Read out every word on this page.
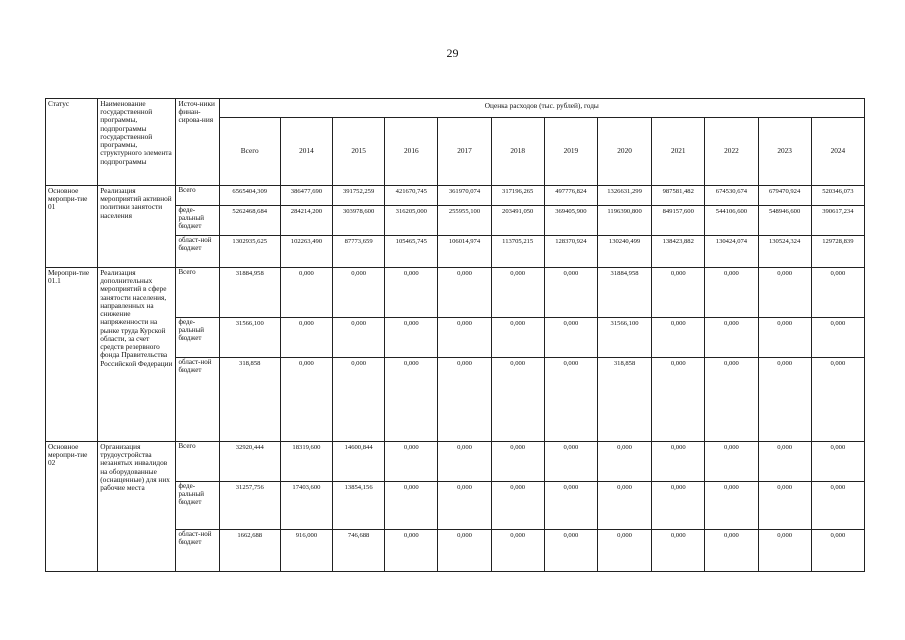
29
Статус	Наименование государственной программы, подпрограммы государственной программы, структурного элемента подпрограммы	Источ-ники финан-сирова-ния	Оценка расходов (тыс. рублей), годы											
			Всего	2014	2015	2016	2017	2018	2019	2020	2021	2022	2023	2024
Основное меропри-тие 01	Реализация мероприятий активной политики занятости населения	Всего	6565404,309	386477,690	391752,259	421670,745	361970,074	317196,265	497776,824	1326631,299	987581,482	674530,674	679470,924	520346,073
		феде-ральный бюджет	5262468,684	284214,200	303978,600	316205,000	255955,100	203491,050	369405,900	1196390,800	849157,600	544106,600	548946,600	390617,234
		област-ной бюджет	1302935,625	102263,490	87773,659	105465,745	106014,974	113705,215	128370,924	130240,499	138423,882	130424,074	130524,324	129728,839
Меропри-тие 01.1	Реализация дополнительных мероприятий в сфере занятости населения, направленных на снижение напряженности на рынке труда Курской области, за счет средств резервного фонда Правительства Российской Федерации	Всего	31884,958	0,000	0,000	0,000	0,000	0,000	0,000	31884,958	0,000	0,000	0,000	0,000
		феде-ральный бюджет	31566,100	0,000	0,000	0,000	0,000	0,000	0,000	31566,100	0,000	0,000	0,000	0,000
		област-ной бюджет	318,858	0,000	0,000	0,000	0,000	0,000	0,000	318,858	0,000	0,000	0,000	0,000
Основное меропри-тие 02	Организация трудоустройства незанятых инвалидов на оборудованные (оснащенные) для них рабочие места	Всего	32920,444	18319,600	14600,844	0,000	0,000	0,000	0,000	0,000	0,000	0,000	0,000	0,000
		феде-ральный бюджет	31257,756	17403,600	13854,156	0,000	0,000	0,000	0,000	0,000	0,000	0,000	0,000	0,000
		област-ной бюджет	1662,688	916,000	746,688	0,000	0,000	0,000	0,000	0,000	0,000	0,000	0,000	0,000
